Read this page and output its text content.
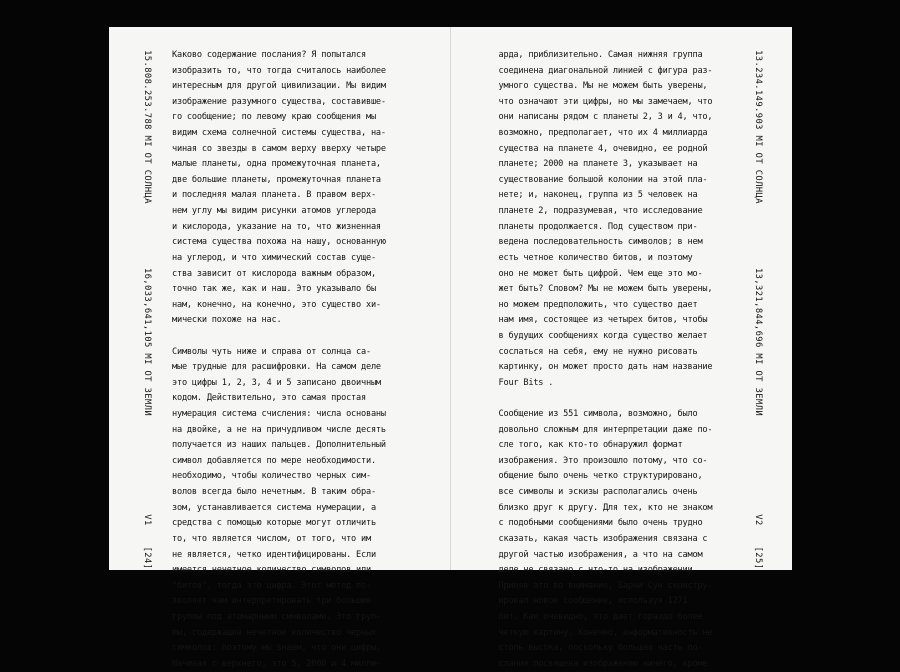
15.808.253.788 MI ОТ СОЛНЦА
16,033,641,105 MI ОТ ЗЕМЛИ
V1
[24]
Каково содержание послания? Я попытался
изобразить то, что тогда считалось наиболее
интересным для другой цивилизации. Мы видим
изображение разумного существа, составивше-
го сообщение; по левому краю сообщения мы
видим схема солнечной системы существа, на-
чиная со звезды в самом верху вверху четыре
малые планеты, одна промежуточная планета,
две большие планеты, промежуточная планета
и последняя малая планета. В правом верх-
нем углу мы видим рисунки атомов углерода
и кислорода, указание на то, что жизненная
система существа похожа на нашу, основанную
на углерод, и что химический состав суще-
ства зависит от кислорода важным образом,
точно так же, как и наш. Это указывало бы
нам, конечно, на конечно, это существо хи-
мически похоже на нас.
Символы чуть ниже и справа от солнца са-
мые трудные для расшифровки. На самом деле
это цифры 1, 2, 3, 4 и 5 записано двоичным
кодом. Действительно, это самая простая
нумерация система счисления: числа основаны
на двойке, а не на причудливом числе десять
получается из наших пальцев. Дополнительный
символ добавляется по мере необходимости.
необходимо, чтобы количество черных сим-
волов всегда было нечетным. В таким обра-
зом, устанавливается система нумерации, а
средства с помощью которые могут отличить
то, что является числом, от того, что им
не является, четко идентифицированы. Если
имеется нечетное количество символов или
"битов", тогда это цифра. Этот метод по-
зволяет нам интерпретировать три большие
группы под атомарными символами. Это груп-
пы, содержащие нечетное количество черных
символов; поэтому мы знаем, что они цифры.
Начиная с верхнего, это 5, 2000 и 4 милли-
13.234.149.903 MI ОТ СОЛНЦА
13,321,844,696 MI ОТ ЗЕМЛИ
V2
[25]
арда, приблизительно. Самая нижняя группа
соединена диагональной линией с фигура раз-
умного существа. Мы не можем быть уверены,
что означают эти цифры, но мы замечаем, что
они написаны рядом с планеты 2, 3 и 4, что,
возможно, предполагает, что их 4 миллиарда
существа на планете 4, очевидно, ее родной
планете; 2000 на планете 3, указывает на
существование большой колонии на этой пла-
нете; и, наконец, группа из 5 человек на
планете 2, подразумевая, что исследование
планеты продолжается. Под существом при-
ведена последовательность символов; в нем
есть четное количество битов, и поэтому
оно не может быть цифрой. Чем еще это мо-
жет быть? Словом? Мы не можем быть уверены,
но можем предположить, что существо дает
нам имя, состоящее из четырех битов, чтобы
в будущих сообщениях когда существо желает
сослаться на себя, ему не нужно рисовать
картинку, он может просто дать нам название
Four Bits .
Сообщение из 551 символа, возможно, было
довольно сложным для интерпретации даже по-
сле того, как кто-то обнаружил формат
изображения. Это произошло потому, что со-
общение было очень четко структурировано,
все символы и эскизы располагались очень
близко друг к другу. Для тех, кто не знаком
с подобными сообщениями было очень трудно
сказать, какая часть изображения связана с
другой частью изображения, а что на самом
деле не связано с что-то на изображении.
Приняв это во внимание, Барни Сун сконстру-
ировал новое сообщение, используя 1271
бит. Как очевидно, это дает гораздо более
четкую картину. Конечно, информативность не
столь высока, поскольку большая часть по-
слания посвящена изображению ничего, кроме
